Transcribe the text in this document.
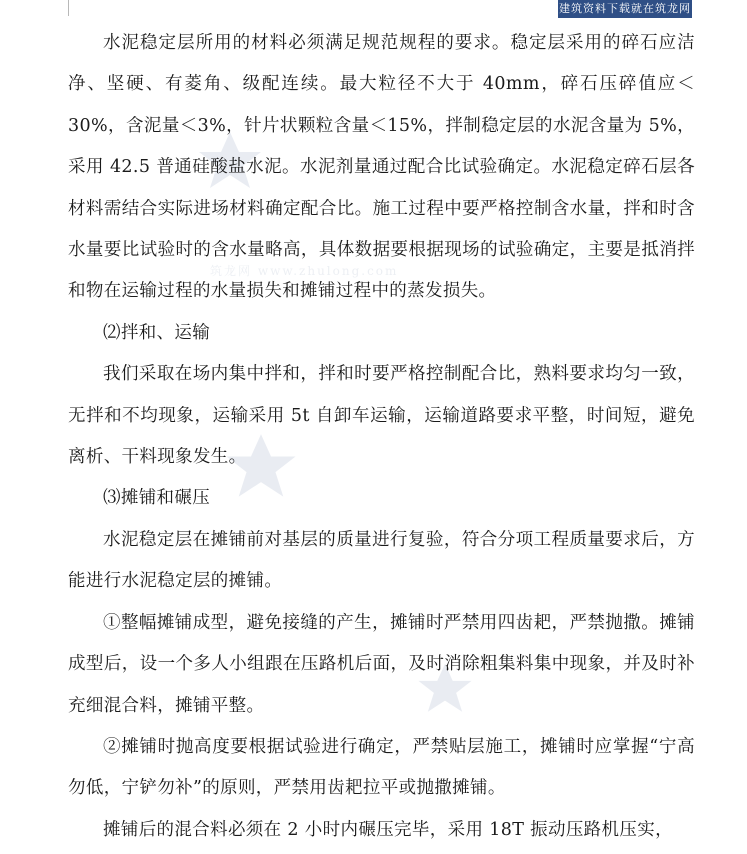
建筑资料下载就在筑龙网
筑龙网 www.zhulong.com

水泥稳定层所用的材料必须满足规范规程的要求。稳定层采用的碎石应洁净、坚硬、有菱角、级配连续。最大粒径不大于 40mm，碎石压碎值应＜30%，含泥量＜3%，针片状颗粒含量＜15%，拌制稳定层的水泥含量为 5%，采用 42.5 普通硅酸盐水泥。水泥剂量通过配合比试验确定。水泥稳定碎石层各材料需结合实际进场材料确定配合比。施工过程中要严格控制含水量，拌和时含水量要比试验时的含水量略高，具体数据要根据现场的试验确定，主要是抵消拌和物在运输过程的水量损失和摊铺过程中的蒸发损失。

⑵拌和、运输

我们采取在场内集中拌和，拌和时要严格控制配合比，熟料要求均匀一致，无拌和不均现象，运输采用 5t 自卸车运输，运输道路要求平整，时间短，避免离析、干料现象发生。

⑶摊铺和碾压

水泥稳定层在摊铺前对基层的质量进行复验，符合分项工程质量要求后，方能进行水泥稳定层的摊铺。

①整幅摊铺成型，避免接缝的产生，摊铺时严禁用四齿耙，严禁抛撒。摊铺成型后，设一个多人小组跟在压路机后面，及时消除粗集料集中现象，并及时补充细混合料，摊铺平整。

②摊铺时抛高度要根据试验进行确定，严禁贴层施工，摊铺时应掌握“宁高勿低，宁铲勿补”的原则，严禁用齿耙拉平或抛撒摊铺。

摊铺后的混合料必须在 2 小时内碾压完毕，采用 18T 振动压路机压实，
